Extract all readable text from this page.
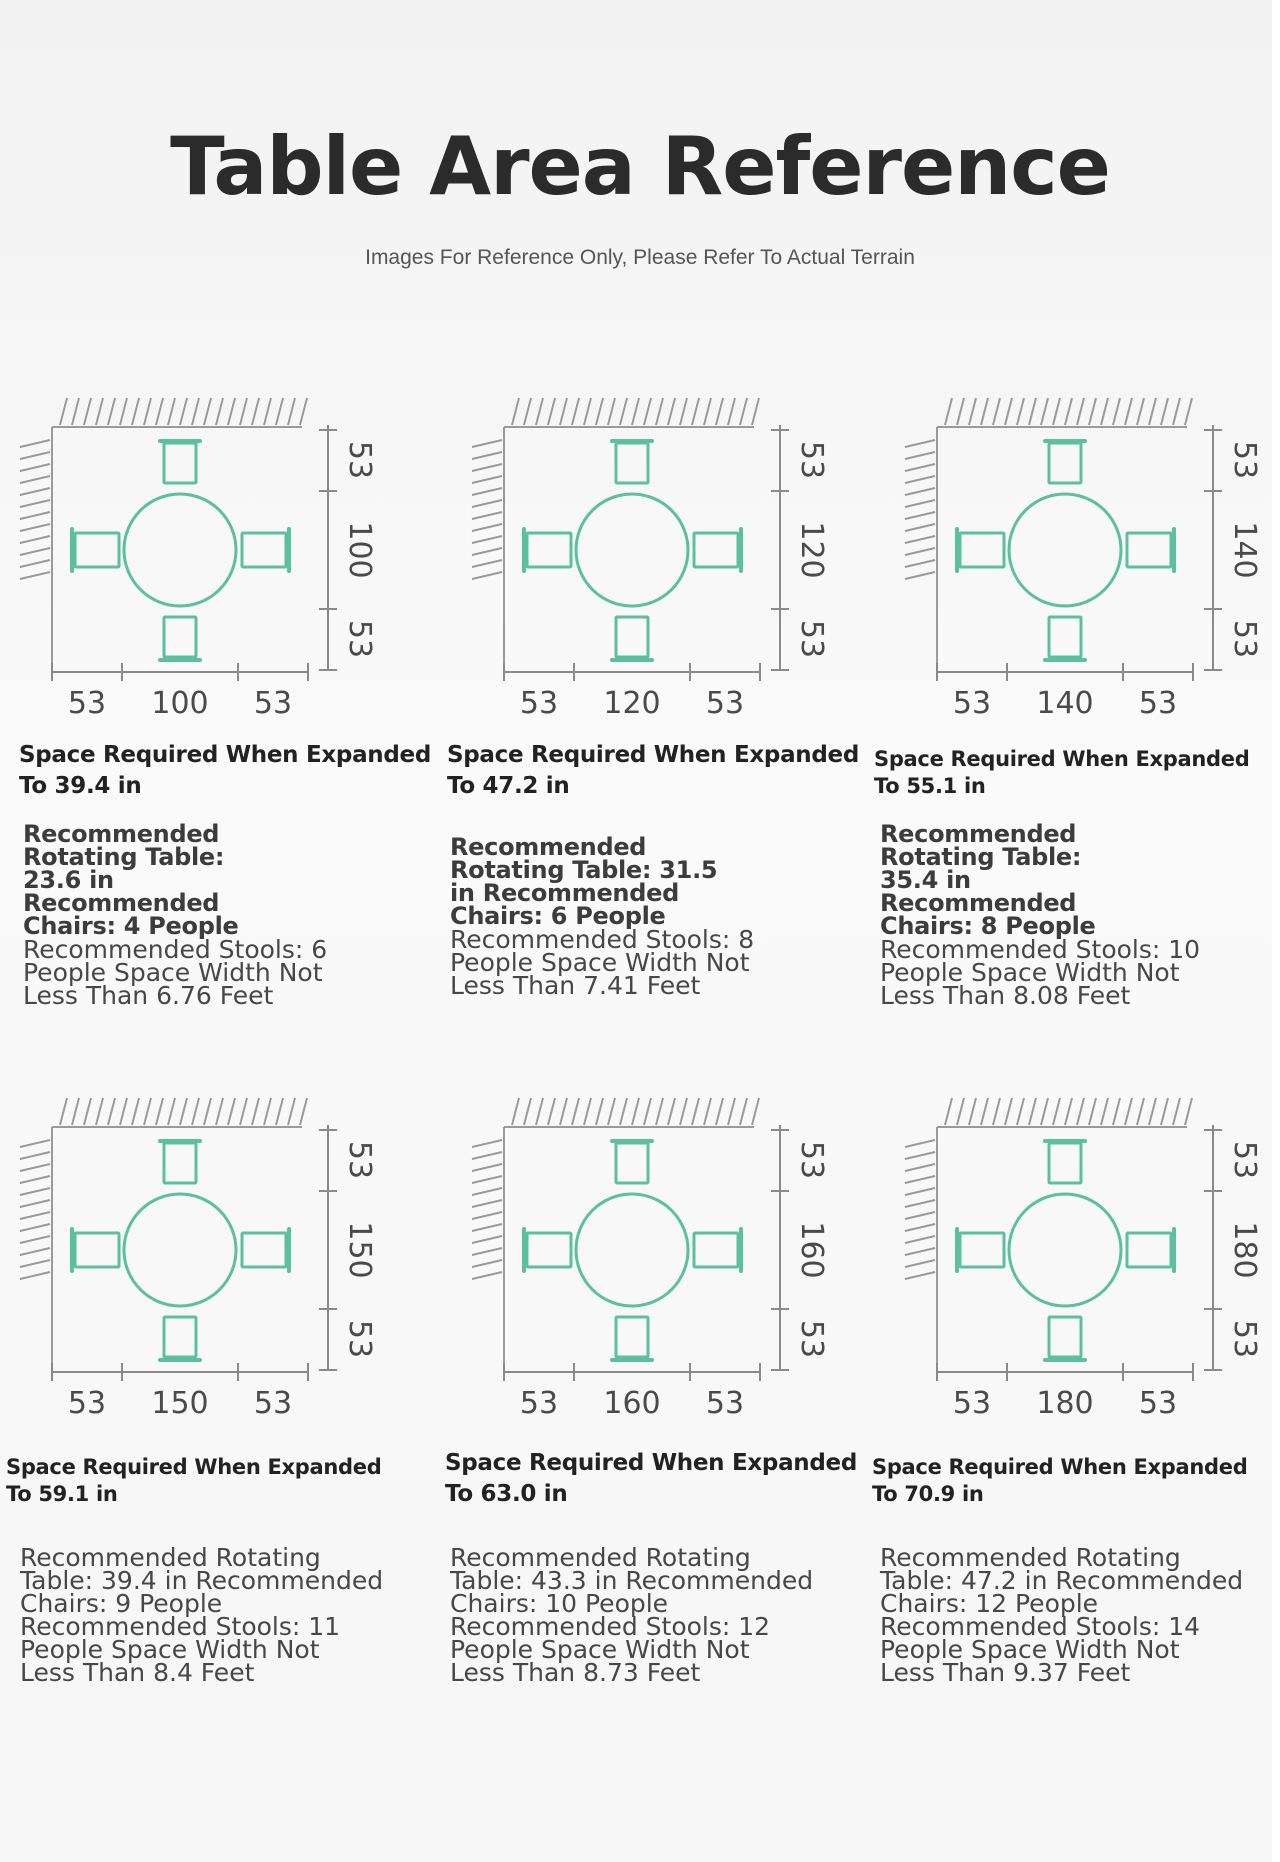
Table Area Reference

Images For Reference Only, Please Refer To Actual Terrain

53 100 53
53
100
53
53 120 53
53
120
53
53 140 53
53
140
53
Space Required When Expanded
To 39.4 in
Space Required When Expanded
To 47.2 in
Space Required When Expanded
To 55.1 in
Recommended
Rotating Table:
23.6 in
Recommended
Chairs: 4 People
Recommended Stools: 6
People Space Width Not
Less Than 6.76 Feet
Recommended
Rotating Table: 31.5
in Recommended
Chairs: 6 People
Recommended Stools: 8
People Space Width Not
Less Than 7.41 Feet
Recommended
Rotating Table:
35.4 in
Recommended
Chairs: 8 People
Recommended Stools: 10
People Space Width Not
Less Than 8.08 Feet
53 150 53
53
150
53
53 160 53
53
160
53
53 180 53
53
180
53
Space Required When Expanded
To 59.1 in
Space Required When Expanded
To 63.0 in
Space Required When Expanded
To 70.9 in
Recommended Rotating
Table: 39.4 in Recommended
Chairs: 9 People
Recommended Stools: 11
People Space Width Not
Less Than 8.4 Feet
Recommended Rotating
Table: 43.3 in Recommended
Chairs: 10 People
Recommended Stools: 12
People Space Width Not
Less Than 8.73 Feet
Recommended Rotating
Table: 47.2 in Recommended
Chairs: 12 People
Recommended Stools: 14
People Space Width Not
Less Than 9.37 Feet
